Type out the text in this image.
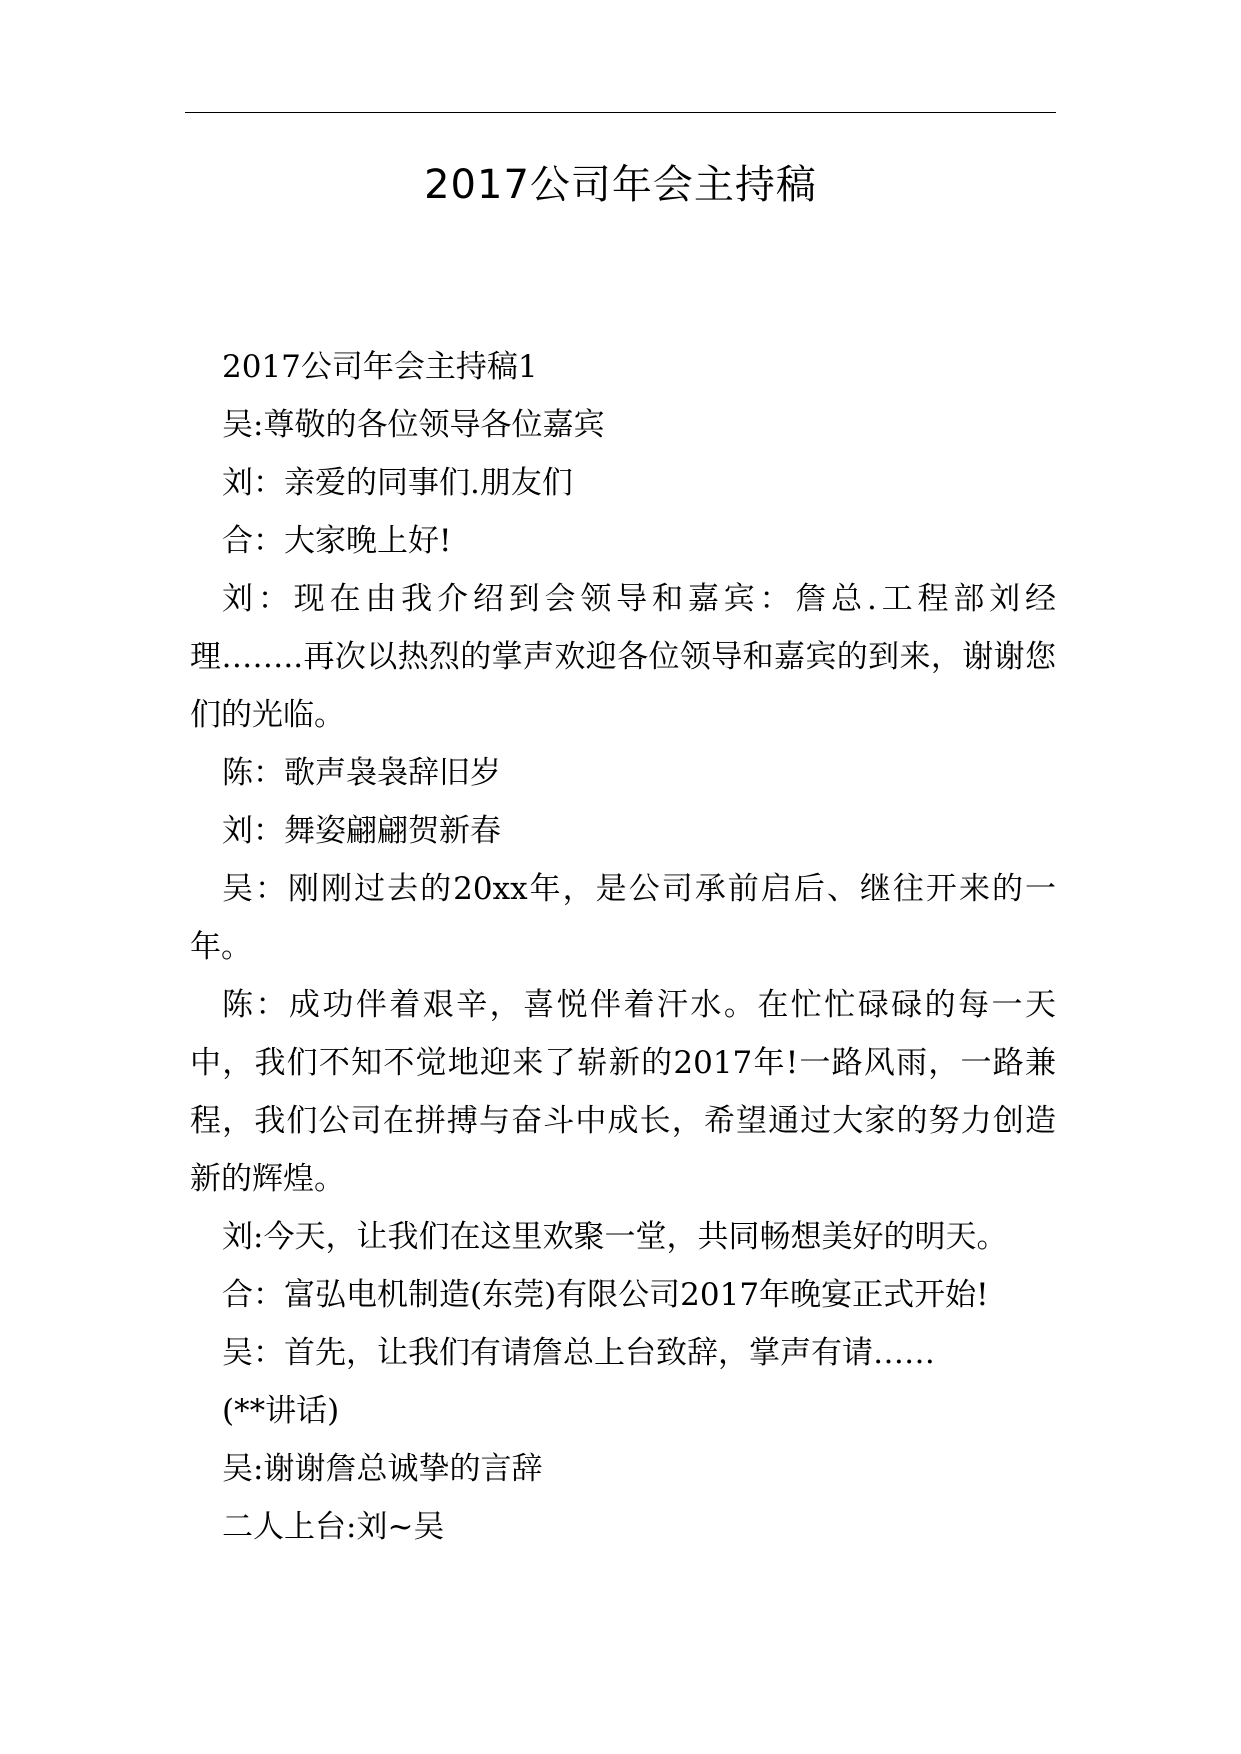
2017公司年会主持稿

2017公司年会主持稿1

吴:尊敬的各位领导各位嘉宾

刘：亲爱的同事们.朋友们

合：大家晚上好!

刘：现在由我介绍到会领导和嘉宾：詹总.工程部刘经理……..再次以热烈的掌声欢迎各位领导和嘉宾的到来，谢谢您们的光临。

陈：歌声袅袅辞旧岁

刘：舞姿翩翩贺新春

吴：刚刚过去的20xx年，是公司承前启后、继往开来的一年。

陈：成功伴着艰辛，喜悦伴着汗水。在忙忙碌碌的每一天中，我们不知不觉地迎来了崭新的2017年!一路风雨，一路兼程，我们公司在拼搏与奋斗中成长，希望通过大家的努力创造新的辉煌。

刘:今天，让我们在这里欢聚一堂，共同畅想美好的明天。

合：富弘电机制造(东莞)有限公司2017年晚宴正式开始!

吴：首先，让我们有请詹总上台致辞，掌声有请……

(**讲话)

吴:谢谢詹总诚挚的言辞

二人上台:刘~吴
